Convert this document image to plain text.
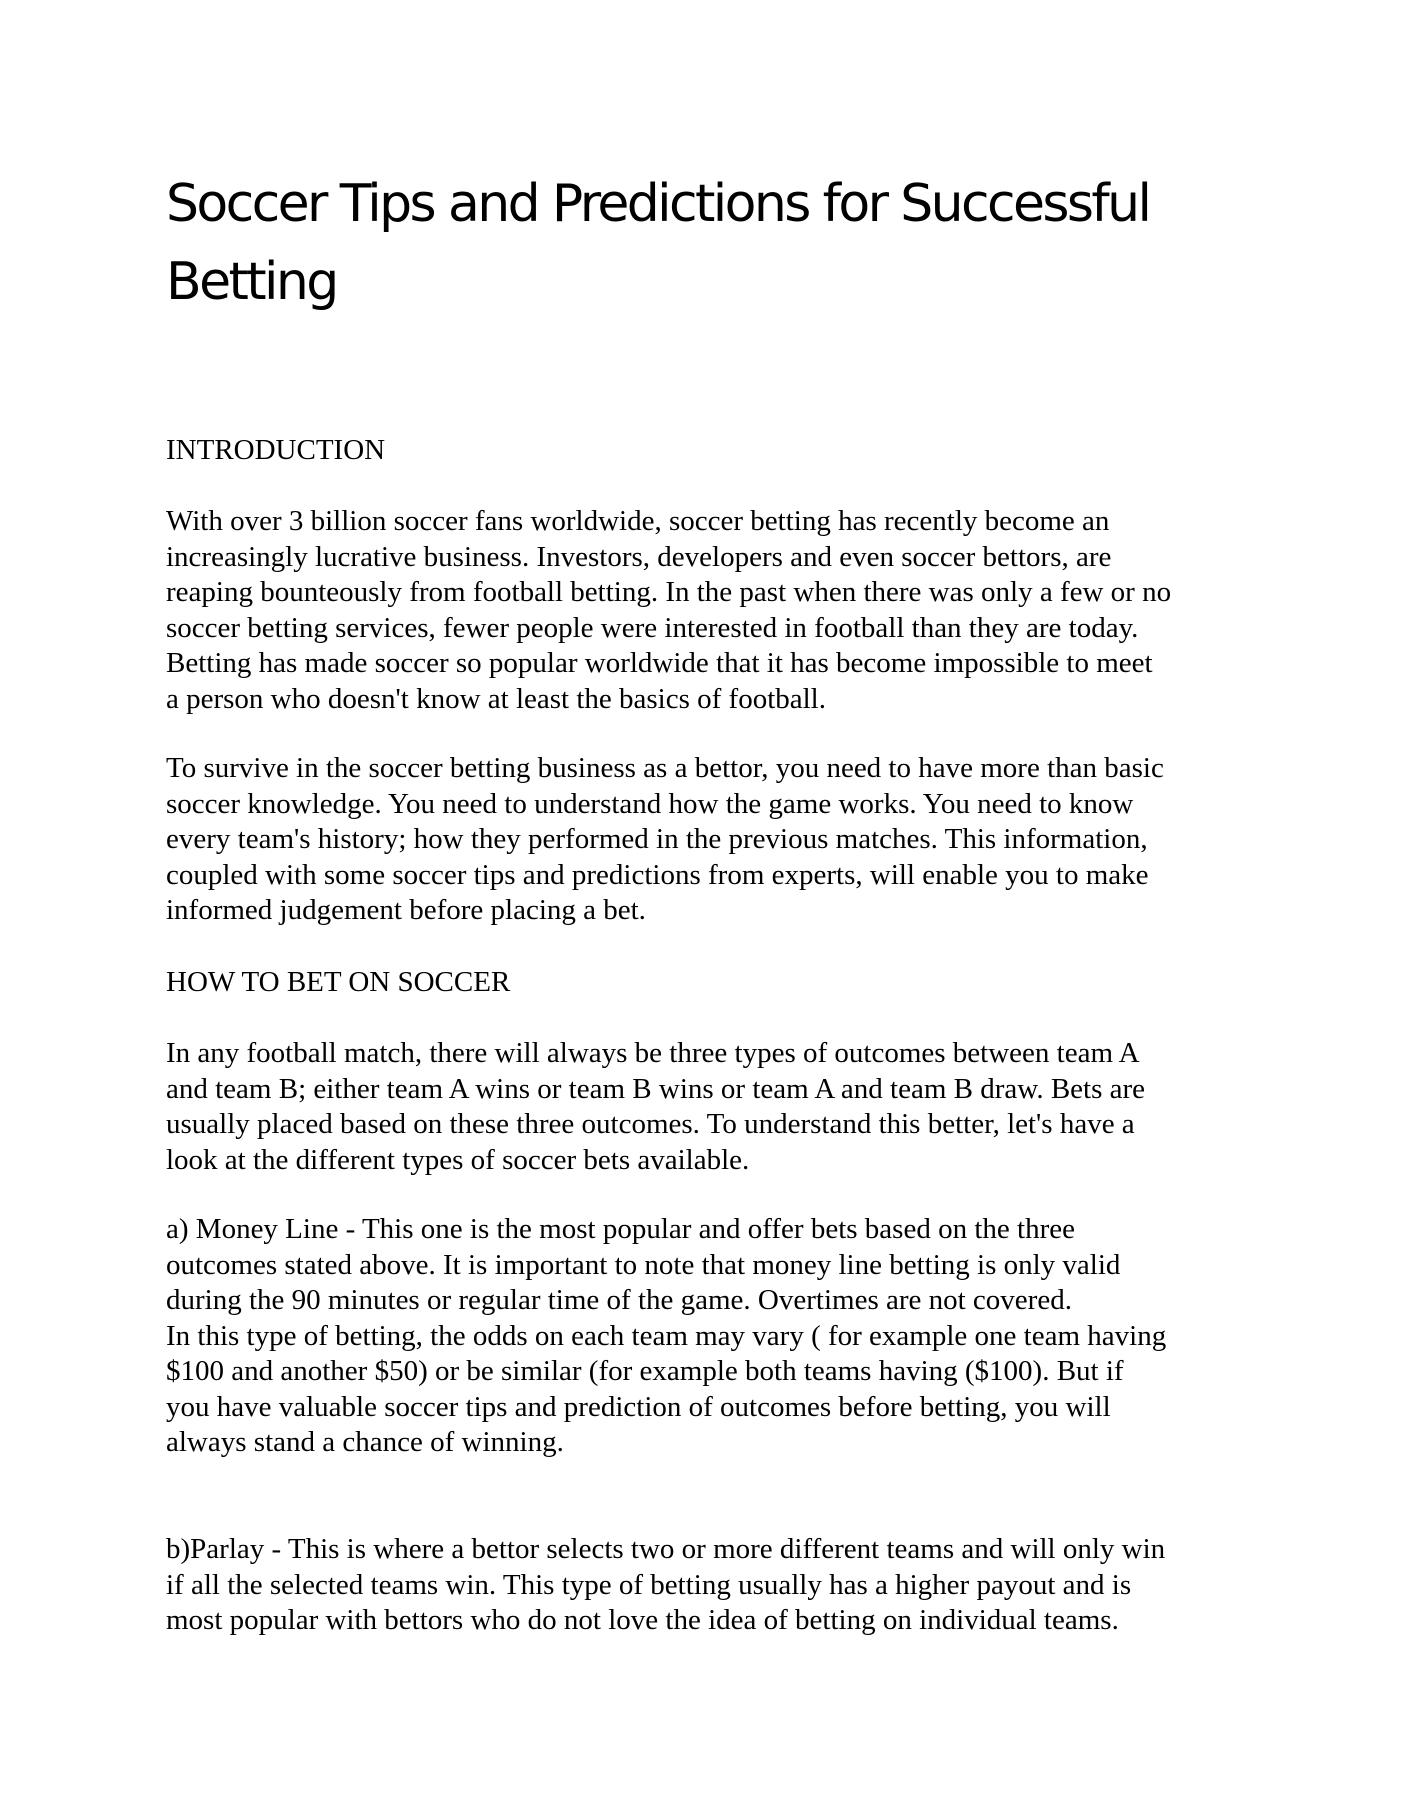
Soccer Tips and Predictions for Successful Betting

INTRODUCTION

With over 3 billion soccer fans worldwide, soccer betting has recently become an
increasingly lucrative business. Investors, developers and even soccer bettors, are
reaping bounteously from football betting. In the past when there was only a few or no
soccer betting services, fewer people were interested in football than they are today.
Betting has made soccer so popular worldwide that it has become impossible to meet
a person who doesn't know at least the basics of football.
To survive in the soccer betting business as a bettor, you need to have more than basic
soccer knowledge. You need to understand how the game works. You need to know
every team's history; how they performed in the previous matches. This information,
coupled with some soccer tips and predictions from experts, will enable you to make
informed judgement before placing a bet.

HOW TO BET ON SOCCER

In any football match, there will always be three types of outcomes between team A
and team B; either team A wins or team B wins or team A and team B draw. Bets are
usually placed based on these three outcomes. To understand this better, let's have a
look at the different types of soccer bets available.
a) Money Line - This one is the most popular and offer bets based on the three
outcomes stated above. It is important to note that money line betting is only valid
during the 90 minutes or regular time of the game. Overtimes are not covered.
In this type of betting, the odds on each team may vary ( for example one team having
$100 and another $50) or be similar (for example both teams having ($100). But if
you have valuable soccer tips and prediction of outcomes before betting, you will
always stand a chance of winning.
b)Parlay - This is where a bettor selects two or more different teams and will only win
if all the selected teams win. This type of betting usually has a higher payout and is
most popular with bettors who do not love the idea of betting on individual teams.
